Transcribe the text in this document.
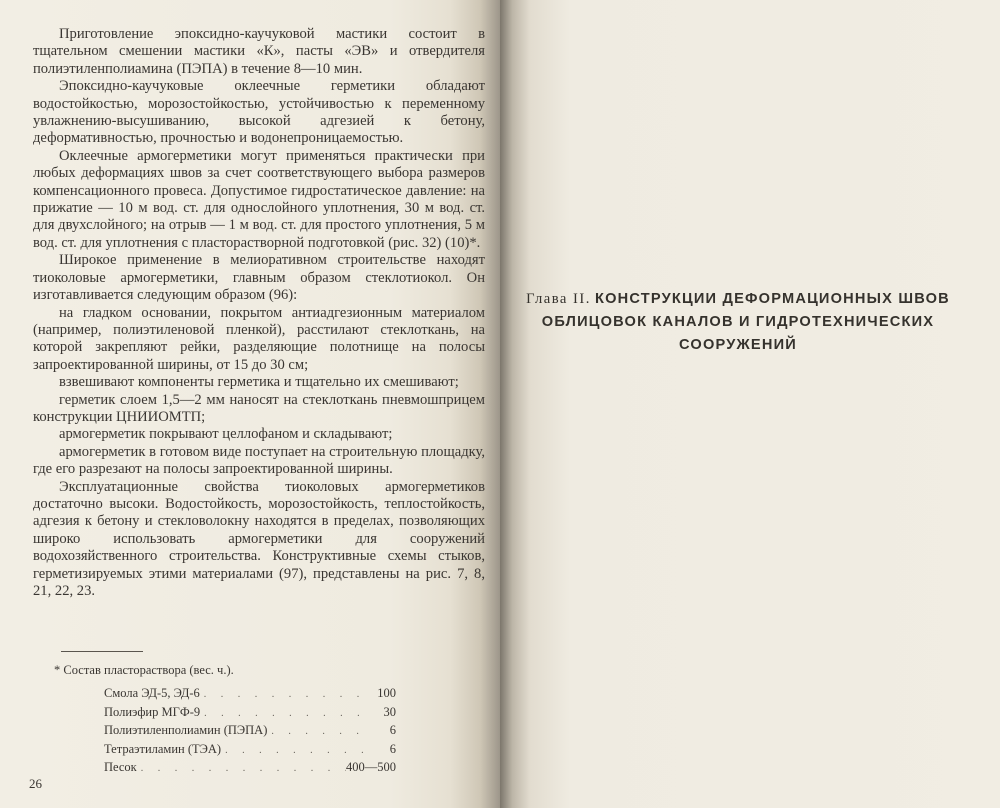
Приготовление эпоксидно-каучуковой мастики состоит в тщательном смешении мастики «К», пасты «ЭВ» и отвердителя полиэтиленполиамина (ПЭПА) в течение 8—10 мин.

Эпоксидно-каучуковые оклеечные герметики обладают водостойкостью, морозостойкостью, устойчивостью к переменному увлажнению-высушиванию, высокой адгезией к бетону, деформативностью, прочностью и водонепроницаемостью.

Оклеечные армогерметики могут применяться практически при любых деформациях швов за счет соответствующего выбора размеров компенсационного провеса. Допустимое гидростатическое давление: на прижатие — 10 м вод. ст. для однослойного уплотнения, 30 м вод. ст. для двухслойного; на отрыв — 1 м вод. ст. для простого уплотнения, 5 м вод. ст. для уплотнения с пласторастворной подготовкой (рис. 32) (10)*.

Широкое применение в мелиоративном строительстве находят тиоколовые армогерметики, главным образом стеклотиокол. Он изготавливается следующим образом (96):

на гладком основании, покрытом антиадгезионным материалом (например, полиэтиленовой пленкой), расстилают стеклоткань, на которой закрепляют рейки, разделяющие полотнище на полосы запроектированной ширины, от 15 до 30 см;

взвешивают компоненты герметика и тщательно их смешивают;

герметик слоем 1,5—2 мм наносят на стеклоткань пневмошприцем конструкции ЦНИИОМТП;

армогерметик покрывают целлофаном и складывают;

армогерметик в готовом виде поступает на строительную площадку, где его разрезают на полосы запроектированной ширины.

Эксплуатационные свойства тиоколовых армогерметиков достаточно высоки. Водостойкость, морозостойкость, теплостойкость, адгезия к бетону и стекловолокну находятся в пределах, позволяющих широко использовать армогерметики для сооружений водохозяйственного строительства. Конструктивные схемы стыков, герметизируемых этими материалами (97), представлены на рис. 7, 8, 21, 22, 23.

* Состав пласторастворa (вес. ч.).
Смола ЭД-5, ЭД-6 . . .	100
Полиэфир МГФ-9 . . .	30
Полиэтиленполиамин (ПЭПА) . . .	6
Тетраэтиламин (ТЭА) . . .	6
Песок . . .	400—500
26
Глава II. КОНСТРУКЦИИ ДЕФОРМАЦИОННЫХ ШВОВ
ОБЛИЦОВОК КАНАЛОВ И ГИДРОТЕХНИЧЕСКИХ
СООРУЖЕНИЙ
